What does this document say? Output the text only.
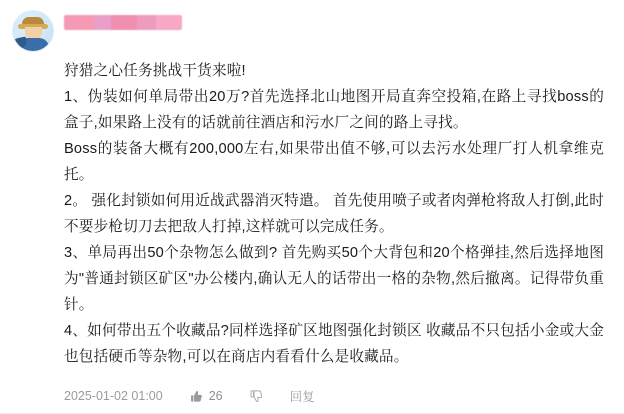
狩猎之心任务挑战干货来啦!

1、伪装如何单局带出20万?首先选择北山地图开局直奔空投箱,在路上寻找boss的盒子,如果路上没有的话就前往酒店和污水厂之间的路上寻找。

Boss的装备大概有200,000左右,如果带出值不够,可以去污水处理厂打人机拿维克托。

2。 强化封锁如何用近战武器消灭特遣。 首先使用喷子或者肉弹枪将敌人打倒,此时不要步枪切刀去把敌人打掉,这样就可以完成任务。

3、单局再出50个杂物怎么做到? 首先购买50个大背包和20个格弹挂,然后选择地图为"普通封锁区矿区"办公楼内,确认无人的话带出一格的杂物,然后撤离。记得带负重针。

4、如何带出五个收藏品?同样选择矿区地图强化封锁区 收藏品不只包括小金或大金也包括硬币等杂物,可以在商店内看看什么是收藏品。

2025-01-02 01:00	26	回复
